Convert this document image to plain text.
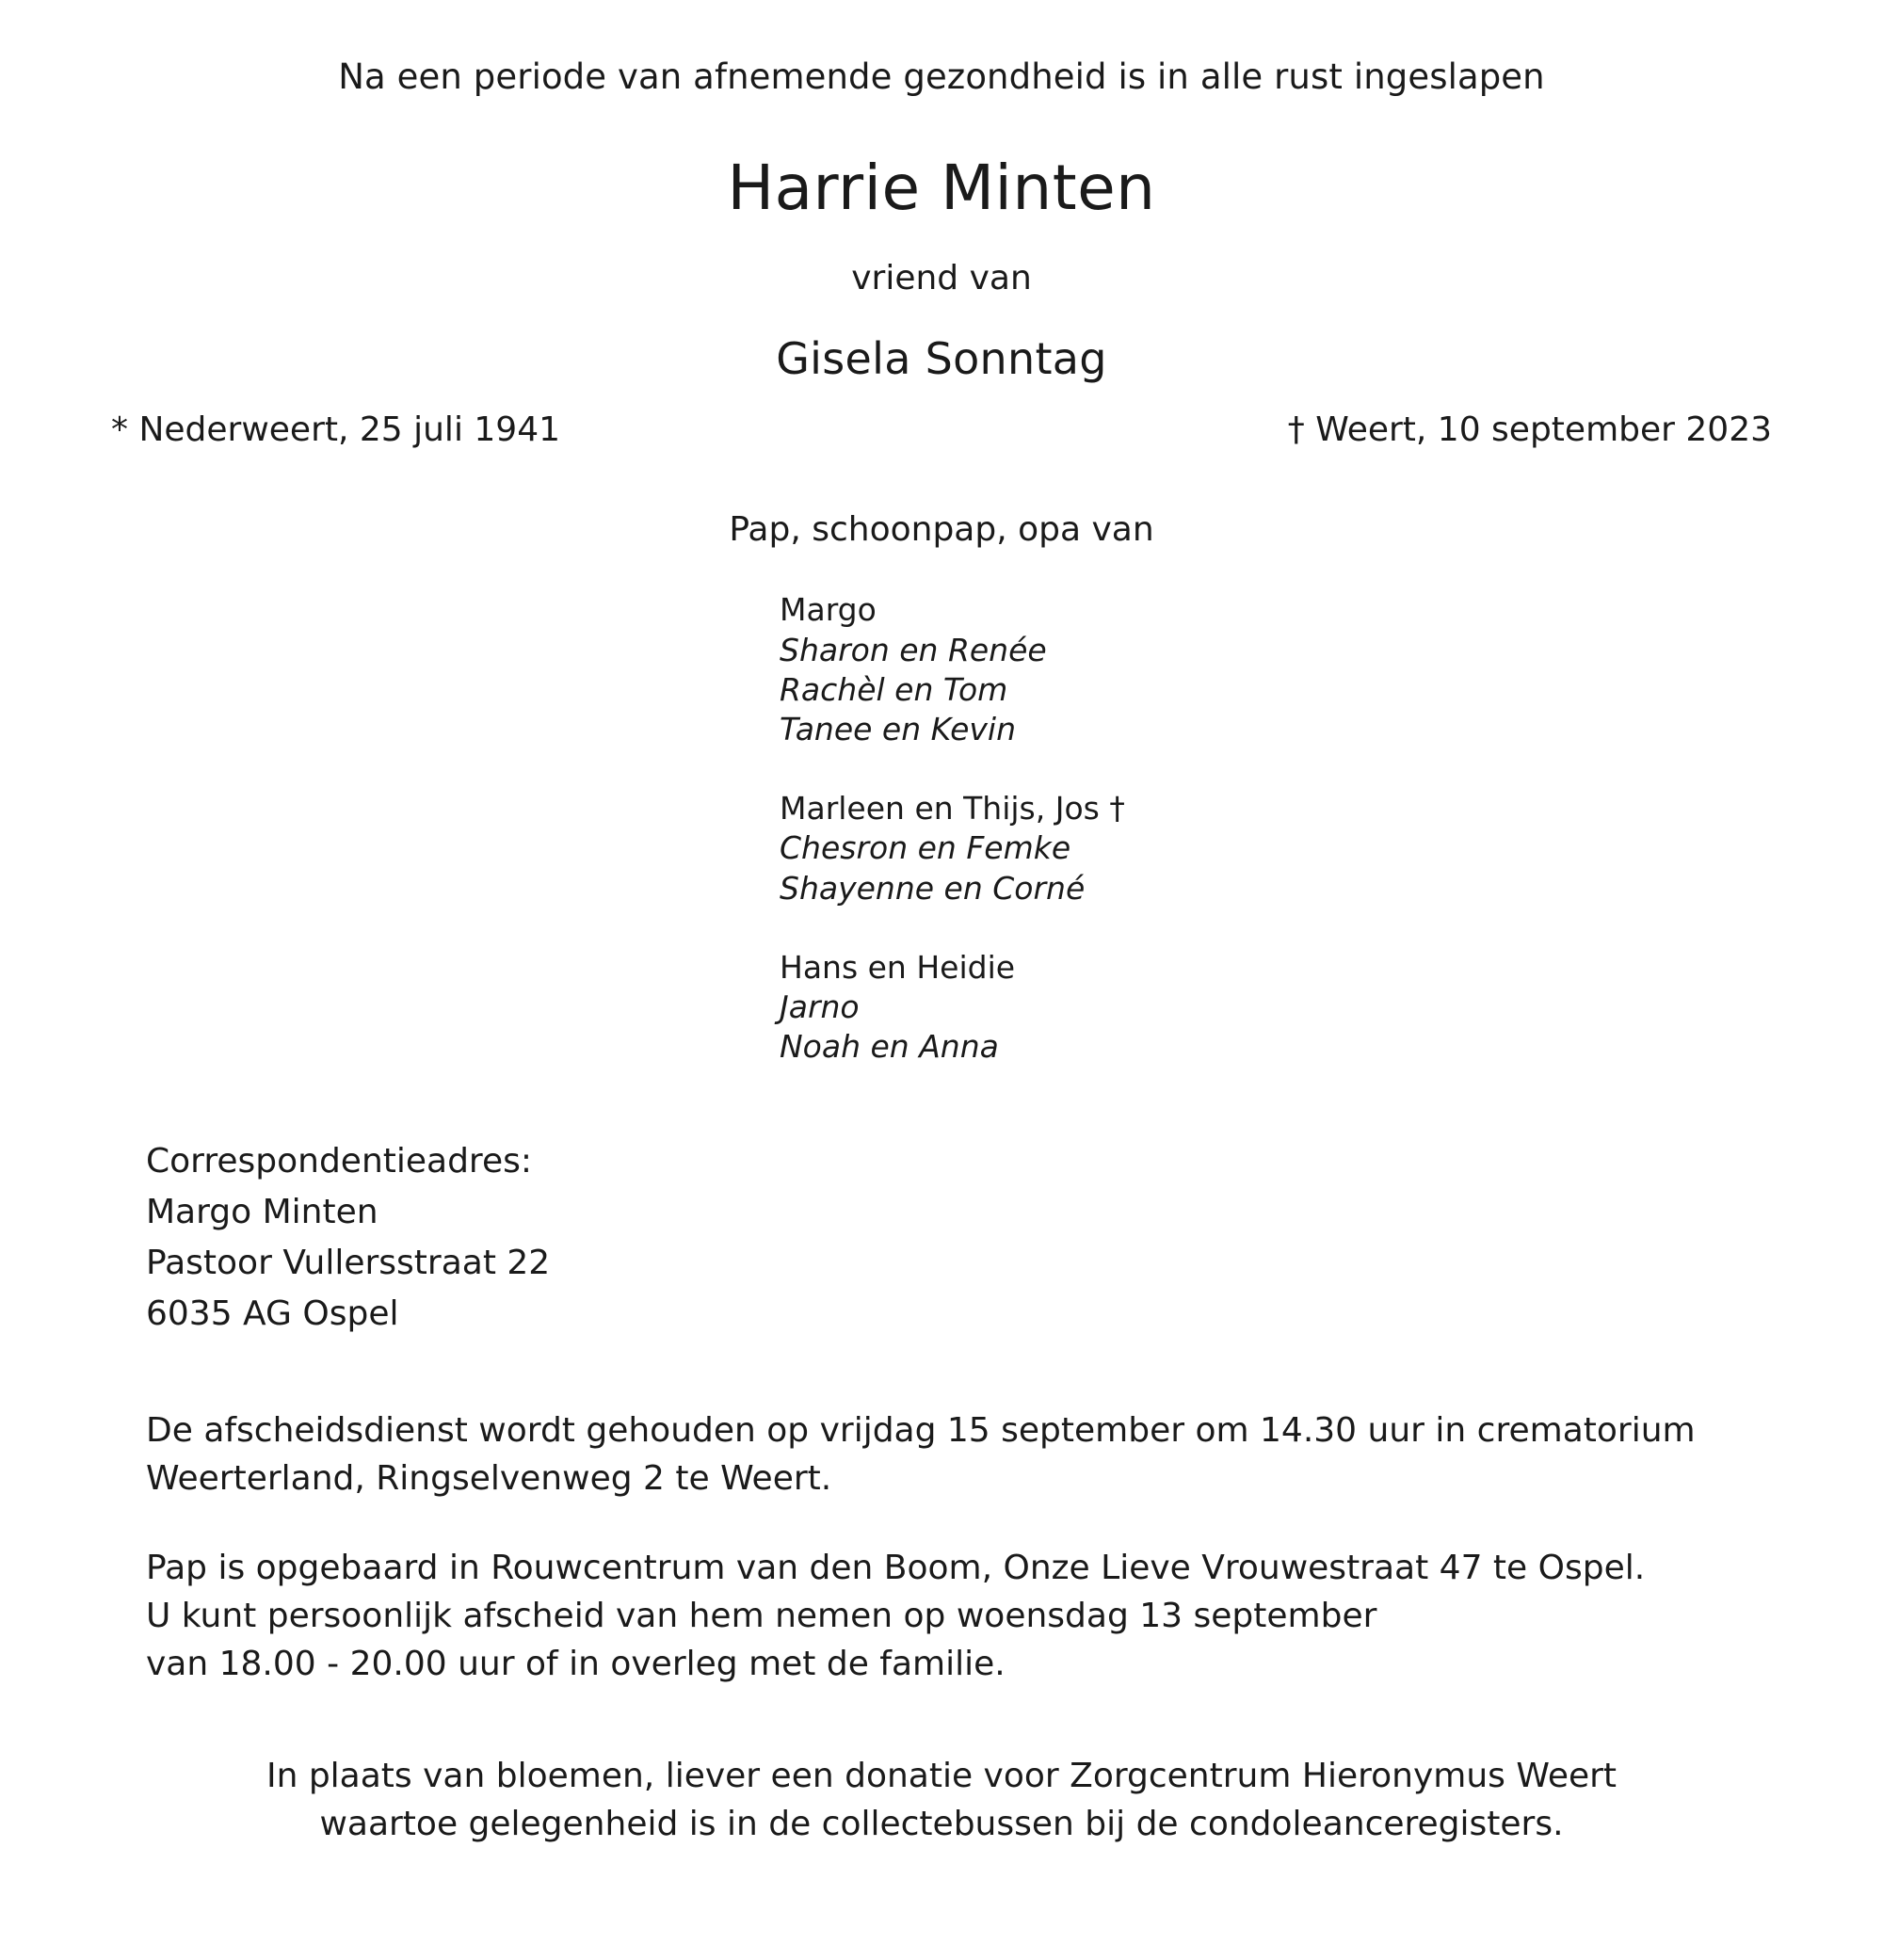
Na een periode van afnemende gezondheid is in alle rust ingeslapen
Harrie Minten
vriend van
Gisela Sonntag
* Nederweert, 25 juli 1941	† Weert, 10 september 2023
Pap, schoonpap, opa van
Margo
Sharon en Renée
Rachèl en Tom
Tanee en Kevin
Marleen en Thijs, Jos †
Chesron en Femke
Shayenne en Corné
Hans en Heidie
Jarno
Noah en Anna
Correspondentieadres:
Margo Minten
Pastoor Vullersstraat 22
6035 AG Ospel
De afscheidsdienst wordt gehouden op vrijdag 15 september om 14.30 uur in crematorium
Weerterland, Ringselvenweg 2 te Weert.
Pap is opgebaard in Rouwcentrum van den Boom, Onze Lieve Vrouwestraat 47 te Ospel.
U kunt persoonlijk afscheid van hem nemen op woensdag 13 september
van 18.00 - 20.00 uur of in overleg met de familie.
In plaats van bloemen, liever een donatie voor Zorgcentrum Hieronymus Weert
waartoe gelegenheid is in de collectebussen bij de condoleanceregisters.
